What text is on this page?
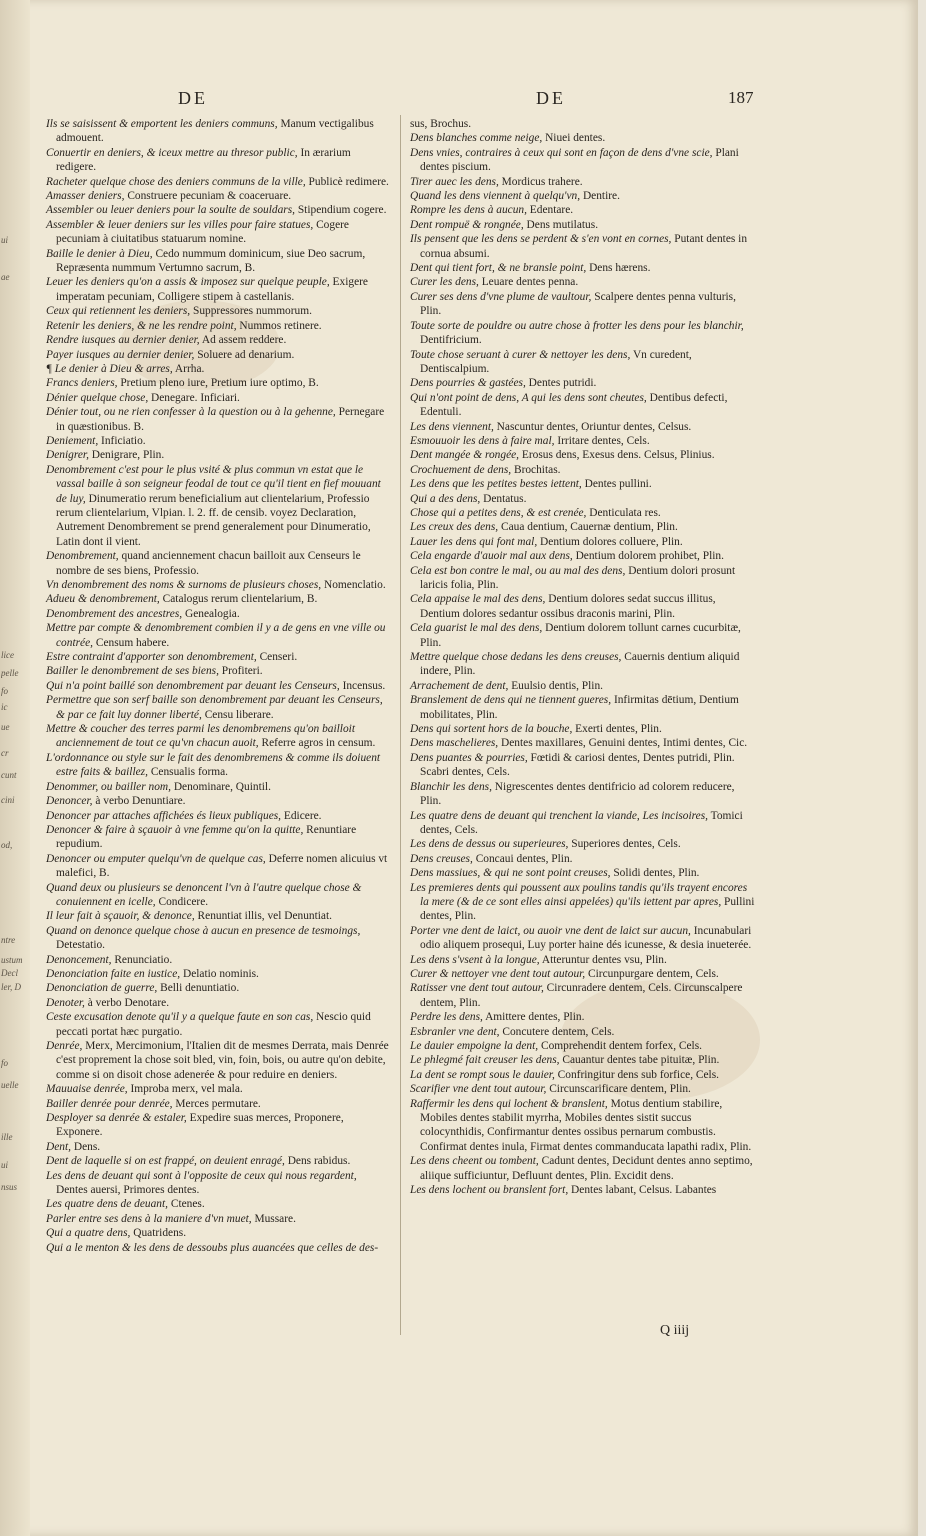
ui
ae
lice
pelle
fo
ic
ue
cr
cunt
cini
od,
ntre
ustum
Decl
ler, D
fo
uelle
ille
ui
nsus
DE	DE	187

Ils se saisissent & emportent les deniers communs, Manum vectigalibus admouent.

Conuertir en deniers, & iceux mettre au thresor public, In ærarium redigere.

Racheter quelque chose des deniers communs de la ville, Publicè redimere.

Amasser deniers, Construere pecuniam & coaceruare.

Assembler ou leuer deniers pour la soulte de souldars, Stipendium cogere.

Assembler & leuer deniers sur les villes pour faire statues, Cogere pecuniam à ciuitatibus statuarum nomine.

Baille le denier à Dieu, Cedo nummum dominicum, siue Deo sacrum, Repræsenta nummum Vertumno sacrum, B.

Leuer les deniers qu'on a assis & imposez sur quelque peuple, Exigere imperatam pecuniam, Colligere stipem à castellanis.

Ceux qui retiennent les deniers, Suppressores nummorum.

Retenir les deniers, & ne les rendre point, Nummos retinere.

Rendre iusques au dernier denier, Ad assem reddere.

Payer iusques au dernier denier, Soluere ad denarium.

¶ Le denier à Dieu & arres, Arrha.

Francs deniers, Pretium pleno iure, Pretium iure optimo, B.

Dénier quelque chose, Denegare. Inficiari.

Dénier tout, ou ne rien confesser à la question ou à la gehenne, Pernegare in quæstionibus. B.

Deniement, Inficiatio.

Denigrer, Denigrare, Plin.

Denombrement c'est pour le plus vsité & plus commun vn estat que le vassal baille à son seigneur feodal de tout ce qu'il tient en fief mouuant de luy, Dinumeratio rerum beneficialium aut clientelarium, Professio rerum clientelarium, Vlpian. l. 2. ff. de censib. voyez Declaration, Autrement Denombrement se prend generalement pour Dinumeratio, Latin dont il vient.

Denombrement, quand anciennement chacun bailloit aux Censeurs le nombre de ses biens, Professio.

Vn denombrement des noms & surnoms de plusieurs choses, Nomenclatio.

Adueu & denombrement, Catalogus rerum clientelarium, B.

Denombrement des ancestres, Genealogia.

Mettre par compte & denombrement combien il y a de gens en vne ville ou contrée, Censum habere.

Estre contraint d'apporter son denombrement, Censeri.

Bailler le denombrement de ses biens, Profiteri.

Qui n'a point baillé son denombrement par deuant les Censeurs, Incensus.

Permettre que son serf baille son denombrement par deuant les Censeurs, & par ce fait luy donner liberté, Censu liberare.

Mettre & coucher des terres parmi les denombremens qu'on bailloit anciennement de tout ce qu'vn chacun auoit, Referre agros in censum.

L'ordonnance ou style sur le fait des denombremens & comme ils doiuent estre faits & baillez, Censualis forma.

Denommer, ou bailler nom, Denominare, Quintil.

Denoncer, à verbo Denuntiare.

Denoncer par attaches affichées és lieux publiques, Edicere.

Denoncer & faire à sçauoir à vne femme qu'on la quitte, Renuntiare repudium.

Denoncer ou emputer quelqu'vn de quelque cas, Deferre nomen alicuius vt malefici, B.

Quand deux ou plusieurs se denoncent l'vn à l'autre quelque chose & conuiennent en icelle, Condicere.

Il leur fait à sçauoir, & denonce, Renuntiat illis, vel Denuntiat.

Quand on denonce quelque chose à aucun en presence de tesmoings, Detestatio.

Denoncement, Renunciatio.

Denonciation faite en iustice, Delatio nominis.

Denonciation de guerre, Belli denuntiatio.

Denoter, à verbo Denotare.

Ceste excusation denote qu'il y a quelque faute en son cas, Nescio quid peccati portat hæc purgatio.

Denrée, Merx, Mercimonium, l'Italien dit de mesmes Derrata, mais Denrée c'est proprement la chose soit bled, vin, foin, bois, ou autre qu'on debite, comme si on disoit chose adenerée & pour reduire en deniers.

Mauuaise denrée, Improba merx, vel mala.

Bailler denrée pour denrée, Merces permutare.

Desployer sa denrée & estaler, Expedire suas merces, Proponere, Exponere.

Dent, Dens.

Dent de laquelle si on est frappé, on deuient enragé, Dens rabidus.

Les dens de deuant qui sont à l'opposite de ceux qui nous regardent, Dentes auersi, Primores dentes.

Les quatre dens de deuant, Ctenes.

Parler entre ses dens à la maniere d'vn muet, Mussare.

Qui a quatre dens, Quatridens.

Qui a le menton & les dens de dessoubs plus auancées que celles de des-

sus, Brochus.

Dens blanches comme neige, Niuei dentes.

Dens vnies, contraires à ceux qui sont en façon de dens d'vne scie, Plani dentes piscium.

Tirer auec les dens, Mordicus trahere.

Quand les dens viennent à quelqu'vn, Dentire.

Rompre les dens à aucun, Edentare.

Dent rompuë & rongnée, Dens mutilatus.

Ils pensent que les dens se perdent & s'en vont en cornes, Putant dentes in cornua absumi.

Dent qui tient fort, & ne bransle point, Dens hærens.

Curer les dens, Leuare dentes penna.

Curer ses dens d'vne plume de vaultour, Scalpere dentes penna vulturis, Plin.

Toute sorte de pouldre ou autre chose à frotter les dens pour les blanchir, Dentifricium.

Toute chose seruant à curer & nettoyer les dens, Vn curedent, Dentiscalpium.

Dens pourries & gastées, Dentes putridi.

Qui n'ont point de dens, A qui les dens sont cheutes, Dentibus defecti, Edentuli.

Les dens viennent, Nascuntur dentes, Oriuntur dentes, Celsus.

Esmouuoir les dens à faire mal, Irritare dentes, Cels.

Dent mangée & rongée, Erosus dens, Exesus dens. Celsus, Plinius.

Crochuement de dens, Brochitas.

Les dens que les petites bestes iettent, Dentes pullini.

Qui a des dens, Dentatus.

Chose qui a petites dens, & est crenée, Denticulata res.

Les creux des dens, Caua dentium, Cauernæ dentium, Plin.

Lauer les dens qui font mal, Dentium dolores colluere, Plin.

Cela engarde d'auoir mal aux dens, Dentium dolorem prohibet, Plin.

Cela est bon contre le mal, ou au mal des dens, Dentium dolori prosunt laricis folia, Plin.

Cela appaise le mal des dens, Dentium dolores sedat succus illitus, Dentium dolores sedantur ossibus draconis marini, Plin.

Cela guarist le mal des dens, Dentium dolorem tollunt carnes cucurbitæ, Plin.

Mettre quelque chose dedans les dens creuses, Cauernis dentium aliquid indere, Plin.

Arrachement de dent, Euulsio dentis, Plin.

Branslement de dens qui ne tiennent gueres, Infirmitas dētium, Dentium mobilitates, Plin.

Dens qui sortent hors de la bouche, Exerti dentes, Plin.

Dens maschelieres, Dentes maxillares, Genuini dentes, Intimi dentes, Cic.

Dens puantes & pourries, Fœtidi & cariosi dentes, Dentes putridi, Plin. Scabri dentes, Cels.

Blanchir les dens, Nigrescentes dentes dentifricio ad colorem reducere, Plin.

Les quatre dens de deuant qui trenchent la viande, Les incisoires, Tomici dentes, Cels.

Les dens de dessus ou superieures, Superiores dentes, Cels.

Dens creuses, Concaui dentes, Plin.

Dens massiues, & qui ne sont point creuses, Solidi dentes, Plin.

Les premieres dents qui poussent aux poulins tandis qu'ils trayent encores la mere (& de ce sont elles ainsi appelées) qu'ils iettent par apres, Pullini dentes, Plin.

Porter vne dent de laict, ou auoir vne dent de laict sur aucun, Incunabulari odio aliquem prosequi, Luy porter haine dés icunesse, & desia inueterée.

Les dens s'vsent à la longue, Atteruntur dentes vsu, Plin.

Curer & nettoyer vne dent tout autour, Circunpurgare dentem, Cels.

Ratisser vne dent tout autour, Circunradere dentem, Cels. Circunscalpere dentem, Plin.

Perdre les dens, Amittere dentes, Plin.

Esbranler vne dent, Concutere dentem, Cels.

Le dauier empoigne la dent, Comprehendit dentem forfex, Cels.

Le phlegmé fait creuser les dens, Cauantur dentes tabe pituitæ, Plin.

La dent se rompt sous le dauier, Confringitur dens sub forfice, Cels.

Scarifier vne dent tout autour, Circunscarificare dentem, Plin.

Raffermir les dens qui lochent & branslent, Motus dentium stabilire, Mobiles dentes stabilit myrrha, Mobiles dentes sistit succus colocynthidis, Confirmantur dentes ossibus pernarum combustis. Confirmat dentes inula, Firmat dentes commanducata lapathi radix, Plin.

Les dens cheent ou tombent, Cadunt dentes, Decidunt dentes anno septimo, aliique sufficiuntur, Defluunt dentes, Plin. Excidit dens.

Les dens lochent ou branslent fort, Dentes labant, Celsus. Labantes

Q iiij
